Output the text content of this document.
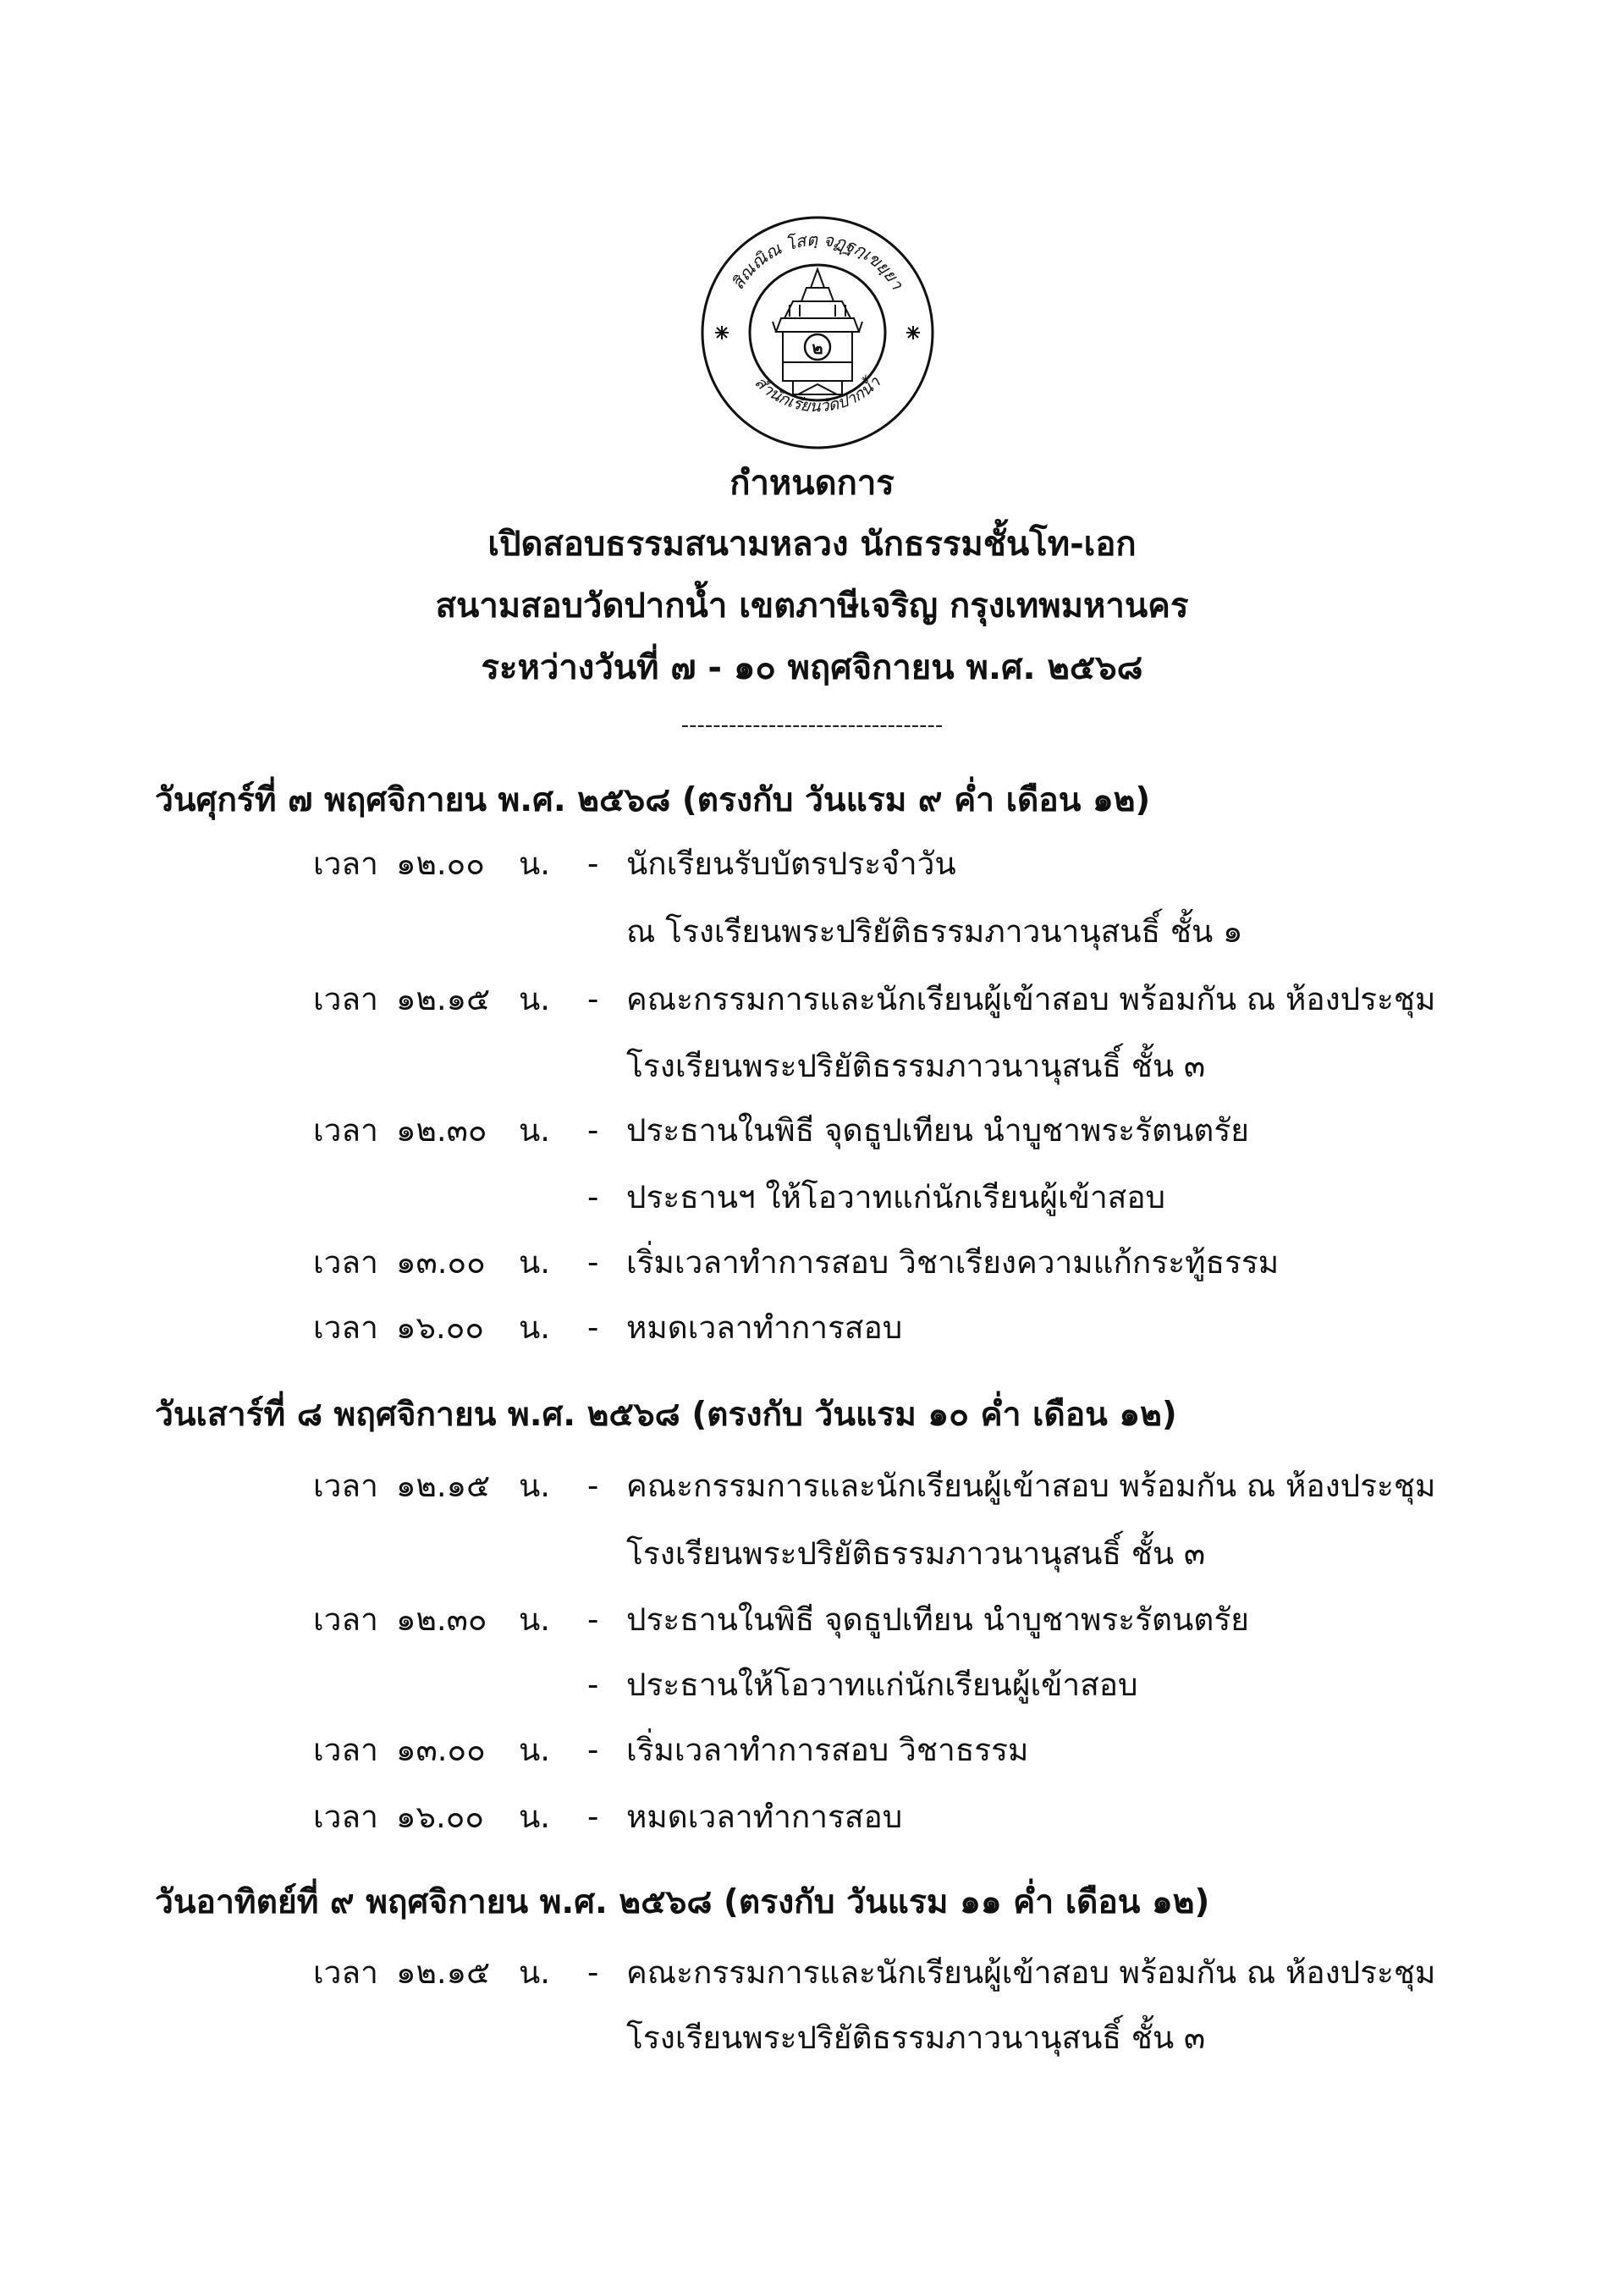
สิณณิณ โสตฺ จฏฺฐกฺเขยฺยา
สำนักเรียนวัดปากน้ำ
๒
กำหนดการ
เปิดสอบธรรมสนามหลวง นักธรรมชั้นโท-เอก
สนามสอบวัดปากน้ำ เขตภาษีเจริญ กรุงเทพมหานคร
ระหว่างวันที่ ๗ - ๑๐ พฤศจิกายน พ.ศ. ๒๕๖๘
---------------------------------
วันศุกร์ที่ ๗ พฤศจิกายน พ.ศ. ๒๕๖๘ (ตรงกับ วันแรม ๙ ค่ำ เดือน ๑๒)
เวลา ๑๒.๐๐ น. - นักเรียนรับบัตรประจำวัน
ณ โรงเรียนพระปริยัติธรรมภาวนานุสนธิ์ ชั้น ๑
เวลา ๑๒.๑๕ น. - คณะกรรมการและนักเรียนผู้เข้าสอบ พร้อมกัน ณ ห้องประชุม
โรงเรียนพระปริยัติธรรมภาวนานุสนธิ์ ชั้น ๓
เวลา ๑๒.๓๐ น. - ประธานในพิธี จุดธูปเทียน นำบูชาพระรัตนตรัย
- ประธานฯ ให้โอวาทแก่นักเรียนผู้เข้าสอบ
เวลา ๑๓.๐๐ น. - เริ่มเวลาทำการสอบ วิชาเรียงความแก้กระทู้ธรรม
เวลา ๑๖.๐๐ น. - หมดเวลาทำการสอบ
วันเสาร์ที่ ๘ พฤศจิกายน พ.ศ. ๒๕๖๘ (ตรงกับ วันแรม ๑๐ ค่ำ เดือน ๑๒)
เวลา ๑๒.๑๕ น. - คณะกรรมการและนักเรียนผู้เข้าสอบ พร้อมกัน ณ ห้องประชุม
โรงเรียนพระปริยัติธรรมภาวนานุสนธิ์ ชั้น ๓
เวลา ๑๒.๓๐ น. - ประธานในพิธี จุดธูปเทียน นำบูชาพระรัตนตรัย
- ประธานให้โอวาทแก่นักเรียนผู้เข้าสอบ
เวลา ๑๓.๐๐ น. - เริ่มเวลาทำการสอบ วิชาธรรม
เวลา ๑๖.๐๐ น. - หมดเวลาทำการสอบ
วันอาทิตย์ที่ ๙ พฤศจิกายน พ.ศ. ๒๕๖๘ (ตรงกับ วันแรม ๑๑ ค่ำ เดือน ๑๒)
เวลา ๑๒.๑๕ น. - คณะกรรมการและนักเรียนผู้เข้าสอบ พร้อมกัน ณ ห้องประชุม
โรงเรียนพระปริยัติธรรมภาวนานุสนธิ์ ชั้น ๓
